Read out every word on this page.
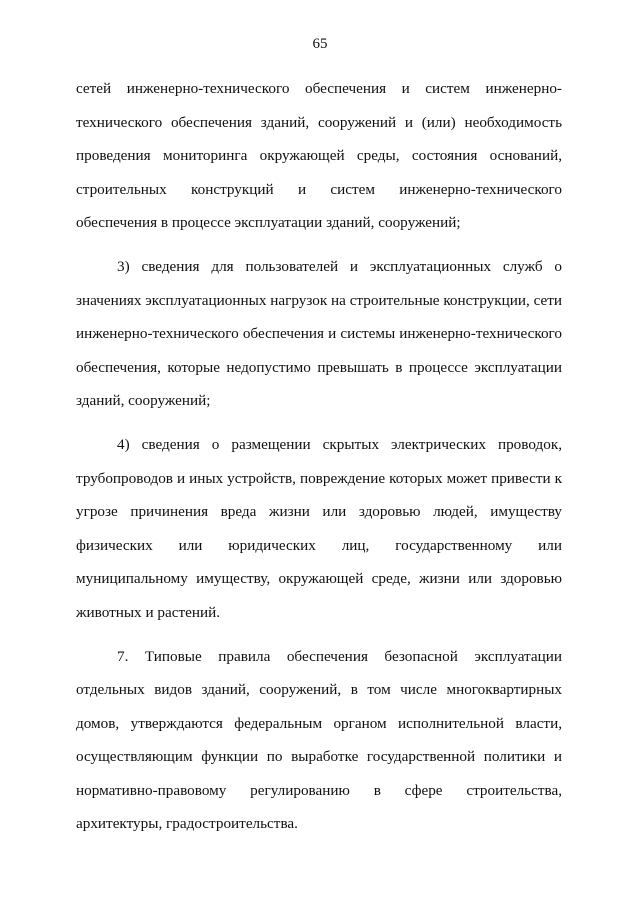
65

сетей инженерно-технического обеспечения и систем инженерно-технического обеспечения зданий, сооружений и (или) необходимость проведения мониторинга окружающей среды, состояния оснований, строительных конструкций и систем инженерно-технического обеспечения в процессе эксплуатации зданий, сооружений;

3) сведения для пользователей и эксплуатационных служб о значениях эксплуатационных нагрузок на строительные конструкции, сети инженерно-технического обеспечения и системы инженерно-технического обеспечения, которые недопустимо превышать в процессе эксплуатации зданий, сооружений;

4) сведения о размещении скрытых электрических проводок, трубопроводов и иных устройств, повреждение которых может привести к угрозе причинения вреда жизни или здоровью людей, имуществу физических или юридических лиц, государственному или муниципальному имуществу, окружающей среде, жизни или здоровью животных и растений.

7. Типовые правила обеспечения безопасной эксплуатации отдельных видов зданий, сооружений, в том числе многоквартирных домов, утверждаются федеральным органом исполнительной власти, осуществляющим функции по выработке государственной политики и нормативно-правовому регулированию в сфере строительства, архитектуры, градостроительства.
